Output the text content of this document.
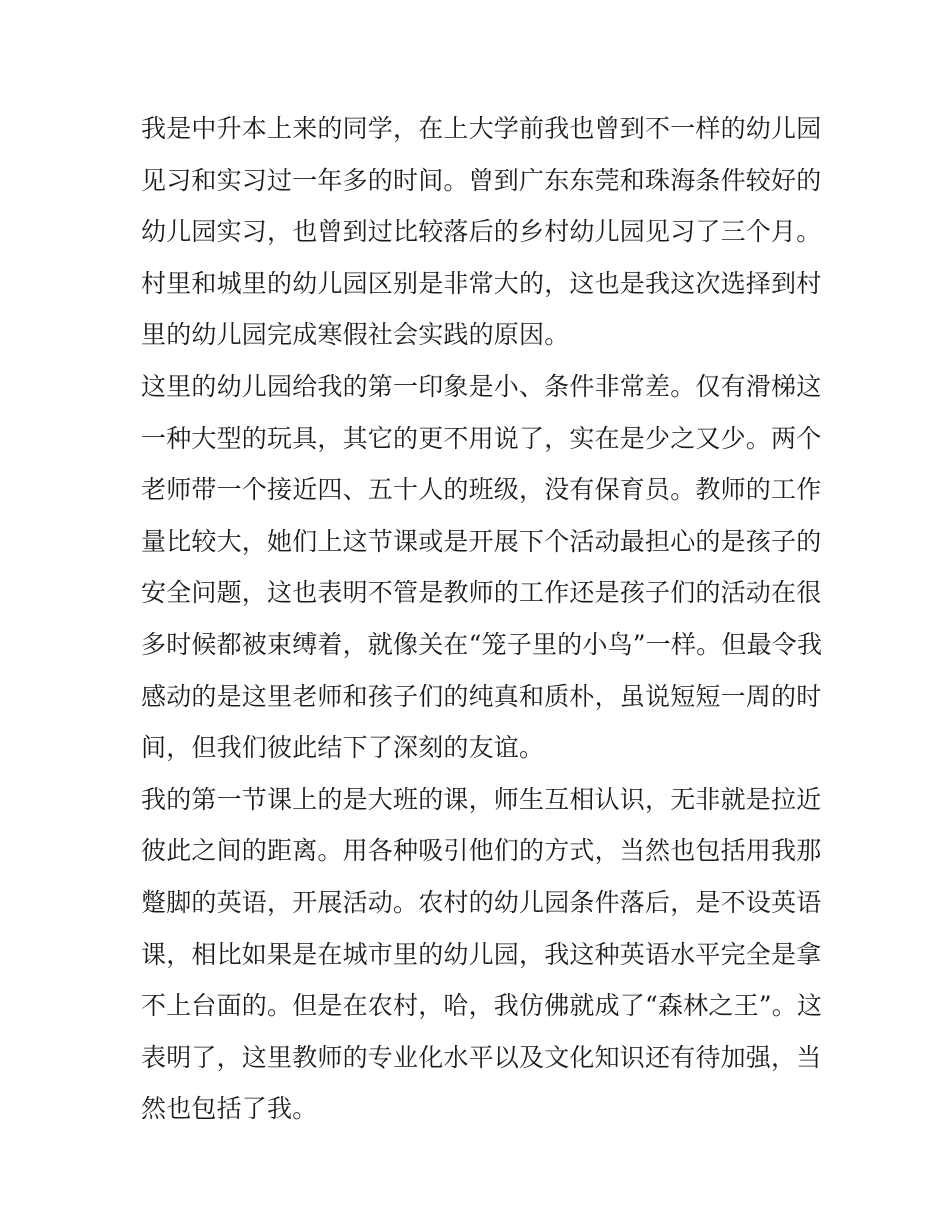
我是中升本上来的同学，在上大学前我也曾到不一样的幼儿园
见习和实习过一年多的时间。曾到广东东莞和珠海条件较好的
幼儿园实习，也曾到过比较落后的乡村幼儿园见习了三个月。
村里和城里的幼儿园区别是非常大的，这也是我这次选择到村
里的幼儿园完成寒假社会实践的原因。
这里的幼儿园给我的第一印象是小、条件非常差。仅有滑梯这
一种大型的玩具，其它的更不用说了，实在是少之又少。两个
老师带一个接近四、五十人的班级，没有保育员。教师的工作
量比较大，她们上这节课或是开展下个活动最担心的是孩子的
安全问题，这也表明不管是教师的工作还是孩子们的活动在很
多时候都被束缚着，就像关在“笼子里的小鸟”一样。但最令我
感动的是这里老师和孩子们的纯真和质朴，虽说短短一周的时
间，但我们彼此结下了深刻的友谊。
我的第一节课上的是大班的课，师生互相认识，无非就是拉近
彼此之间的距离。用各种吸引他们的方式，当然也包括用我那
蹩脚的英语，开展活动。农村的幼儿园条件落后，是不设英语
课，相比如果是在城市里的幼儿园，我这种英语水平完全是拿
不上台面的。但是在农村，哈，我仿佛就成了“森林之王”。这
表明了，这里教师的专业化水平以及文化知识还有待加强，当
然也包括了我。
